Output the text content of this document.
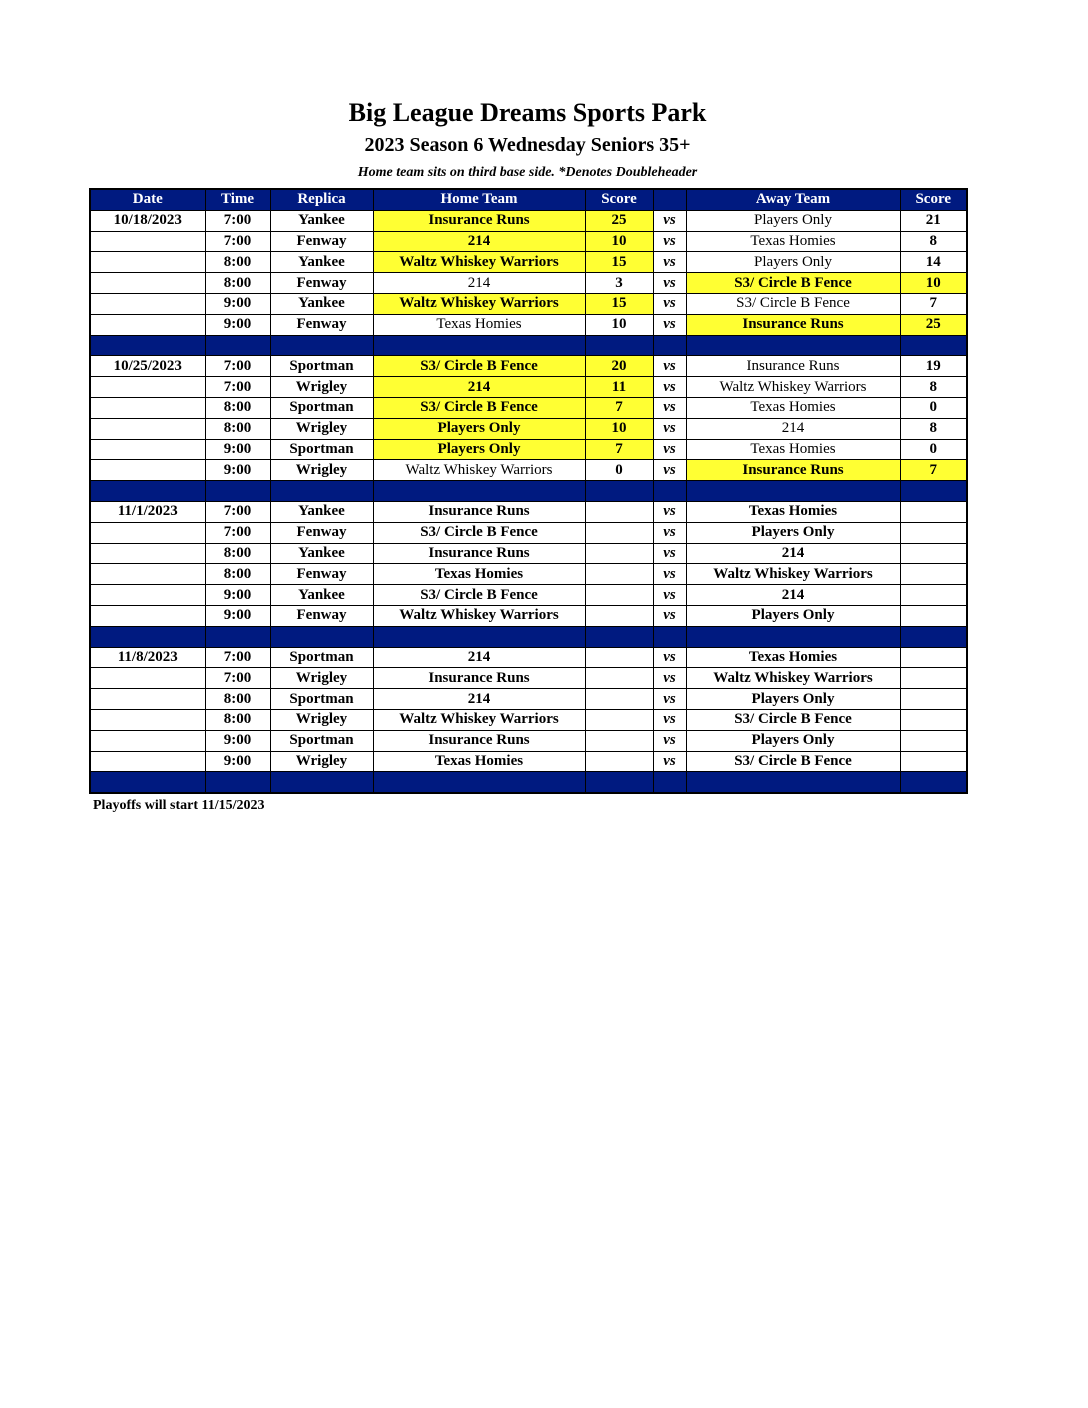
Big League Dreams Sports Park
2023 Season 6 Wednesday Seniors 35+
Home team sits on third base side. *Denotes Doubleheader
Date	Time	Replica	Home Team	Score		Away Team	Score
10/18/2023	7:00	Yankee	Insurance Runs	25	vs	Players Only	21
	7:00	Fenway	214	10	vs	Texas Homies	8
	8:00	Yankee	Waltz Whiskey Warriors	15	vs	Players Only	14
	8:00	Fenway	214	3	vs	S3/ Circle B Fence	10
	9:00	Yankee	Waltz Whiskey Warriors	15	vs	S3/ Circle B Fence	7
	9:00	Fenway	Texas Homies	10	vs	Insurance Runs	25

10/25/2023	7:00	Sportman	S3/ Circle B Fence	20	vs	Insurance Runs	19
	7:00	Wrigley	214	11	vs	Waltz Whiskey Warriors	8
	8:00	Sportman	S3/ Circle B Fence	7	vs	Texas Homies	0
	8:00	Wrigley	Players Only	10	vs	214	8
	9:00	Sportman	Players Only	7	vs	Texas Homies	0
	9:00	Wrigley	Waltz Whiskey Warriors	0	vs	Insurance Runs	7

11/1/2023	7:00	Yankee	Insurance Runs		vs	Texas Homies	
	7:00	Fenway	S3/ Circle B Fence		vs	Players Only	
	8:00	Yankee	Insurance Runs		vs	214	
	8:00	Fenway	Texas Homies		vs	Waltz Whiskey Warriors	
	9:00	Yankee	S3/ Circle B Fence		vs	214	
	9:00	Fenway	Waltz Whiskey Warriors		vs	Players Only	

11/8/2023	7:00	Sportman	214		vs	Texas Homies	
	7:00	Wrigley	Insurance Runs		vs	Waltz Whiskey Warriors	
	8:00	Sportman	214		vs	Players Only	
	8:00	Wrigley	Waltz Whiskey Warriors		vs	S3/ Circle B Fence	
	9:00	Sportman	Insurance Runs		vs	Players Only	
	9:00	Wrigley	Texas Homies		vs	S3/ Circle B Fence	

Playoffs will start 11/15/2023
